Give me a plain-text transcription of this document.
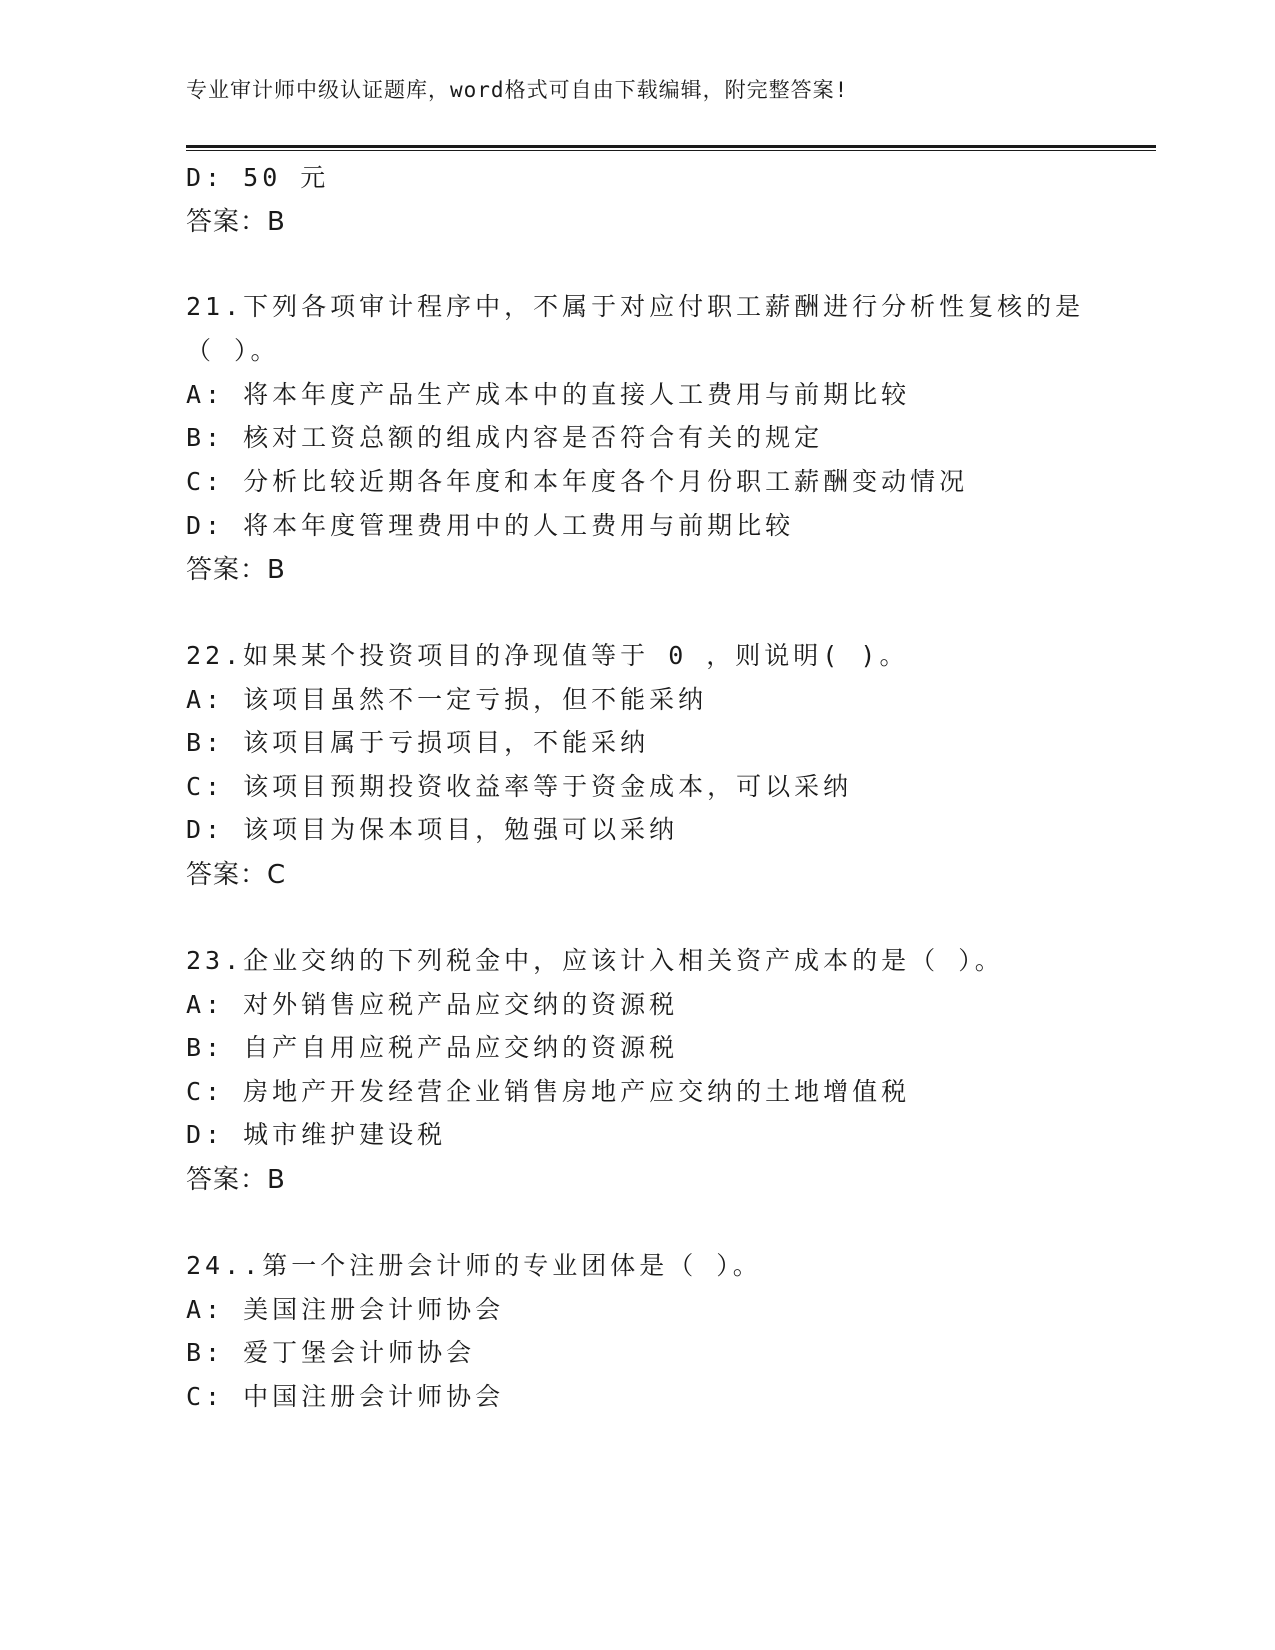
专业审计师中级认证题库，word格式可自由下载编辑，附完整答案!
D: 50 元
答案：B
21.下列各项审计程序中，不属于对应付职工薪酬进行分析性复核的是
（ ）。
A: 将本年度产品生产成本中的直接人工费用与前期比较
B: 核对工资总额的组成内容是否符合有关的规定
C: 分析比较近期各年度和本年度各个月份职工薪酬变动情况
D: 将本年度管理费用中的人工费用与前期比较
答案：B
22.如果某个投资项目的净现值等于 0 ，则说明( )。
A: 该项目虽然不一定亏损，但不能采纳
B: 该项目属于亏损项目，不能采纳
C: 该项目预期投资收益率等于资金成本，可以采纳
D: 该项目为保本项目，勉强可以采纳
答案：C
23.企业交纳的下列税金中，应该计入相关资产成本的是（ ）。
A: 对外销售应税产品应交纳的资源税
B: 自产自用应税产品应交纳的资源税
C: 房地产开发经营企业销售房地产应交纳的土地增值税
D: 城市维护建设税
答案：B
24..第一个注册会计师的专业团体是（ ）。
A: 美国注册会计师协会
B: 爱丁堡会计师协会
C: 中国注册会计师协会
